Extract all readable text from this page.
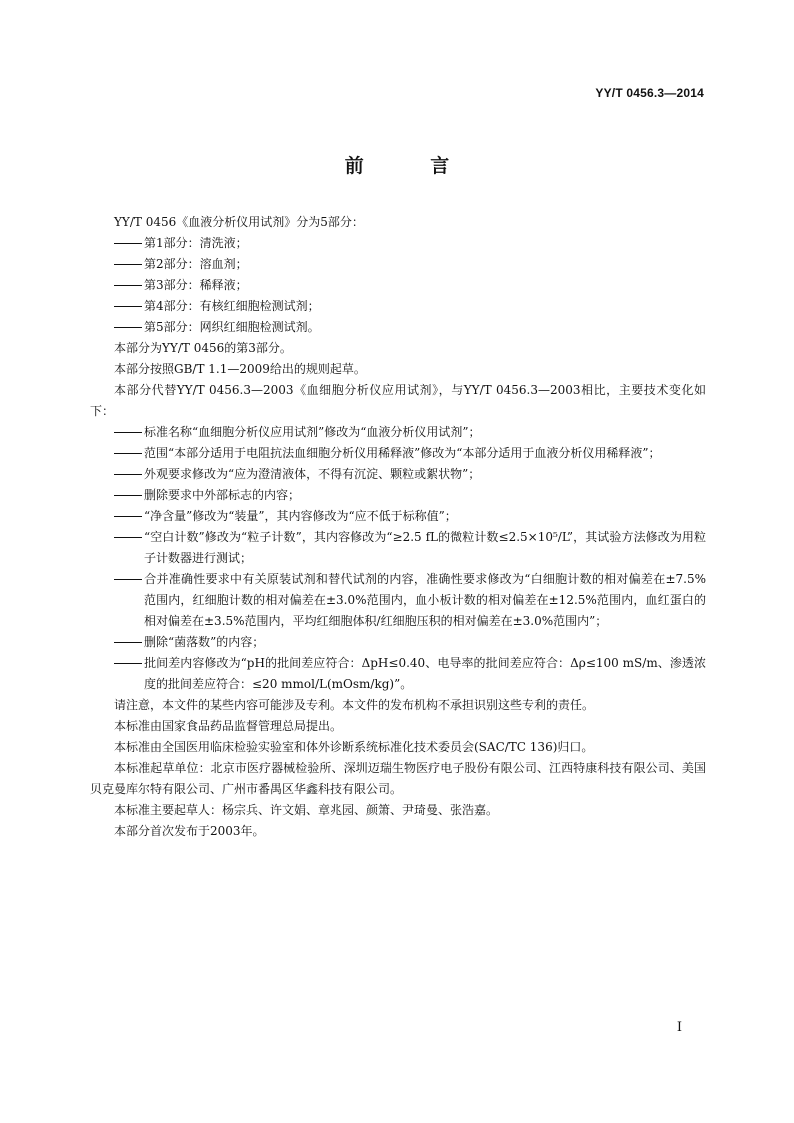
YY/T 0456.3—2014
前 言

YY/T 0456《血液分析仪用试剂》分为5部分：

第1部分：清洗液；

第2部分：溶血剂；

第3部分：稀释液；

第4部分：有核红细胞检测试剂；

第5部分：网织红细胞检测试剂。

本部分为YY/T 0456的第3部分。

本部分按照GB/T 1.1—2009给出的规则起草。

本部分代替YY/T 0456.3—2003《血细胞分析仪应用试剂》，与YY/T 0456.3—2003相比，主要技术变化如下：

标准名称“血细胞分析仪应用试剂”修改为“血液分析仪用试剂”；

范围“本部分适用于电阻抗法血细胞分析仪用稀释液”修改为“本部分适用于血液分析仪用稀释液”；

外观要求修改为“应为澄清液体，不得有沉淀、颗粒或絮状物”；

删除要求中外部标志的内容；

“净含量”修改为“装量”，其内容修改为“应不低于标称值”；

“空白计数”修改为“粒子计数”，其内容修改为“≥2.5 fL的微粒计数≤2.5×10⁵/L”，其试验方法修改为用粒子计数器进行测试；

合并准确性要求中有关原装试剂和替代试剂的内容，准确性要求修改为“白细胞计数的相对偏差在±7.5%范围内，红细胞计数的相对偏差在±3.0%范围内，血小板计数的相对偏差在±12.5%范围内，血红蛋白的相对偏差在±3.5%范围内，平均红细胞体积/红细胞压积的相对偏差在±3.0%范围内”；

删除“菌落数”的内容；

批间差内容修改为“pH的批间差应符合：ΔpH≤0.40、电导率的批间差应符合：Δρ≤100 mS/m、渗透浓度的批间差应符合：≤20 mmol/L(mOsm/kg)”。

请注意，本文件的某些内容可能涉及专利。本文件的发布机构不承担识别这些专利的责任。

本标准由国家食品药品监督管理总局提出。

本标准由全国医用临床检验实验室和体外诊断系统标准化技术委员会(SAC/TC 136)归口。

本标准起草单位：北京市医疗器械检验所、深圳迈瑞生物医疗电子股份有限公司、江西特康科技有限公司、美国贝克曼库尔特有限公司、广州市番禺区华鑫科技有限公司。

本标准主要起草人：杨宗兵、许文娟、章兆园、颜箫、尹琦曼、张浩嘉。

本部分首次发布于2003年。

I
